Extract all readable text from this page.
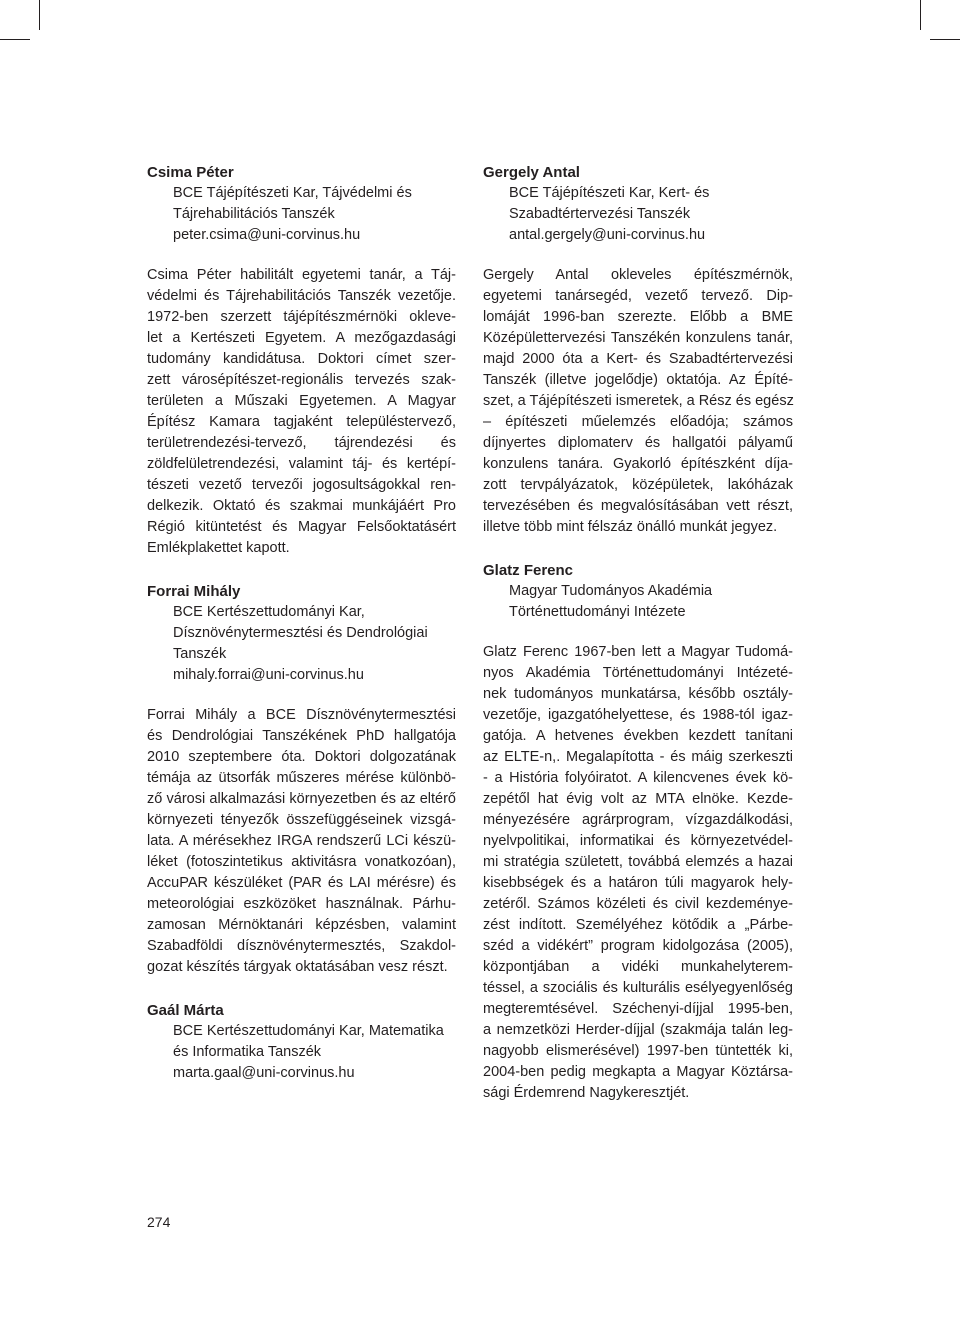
Csima Péter
BCE Tájépítészeti Kar, Tájvédelmi és
Tájrehabilitációs Tanszék
peter.csima@uni-corvinus.hu
Csima Péter habilitált egyetemi tanár, a Táj-
védelmi és Tájrehabilitációs Tanszék vezetője.
1972-ben szerzett tájépítészmérnöki okleve-
let a Kertészeti Egyetem. A mezőgazdasági
tudomány kandidátusa. Doktori címet szer-
zett városépítészet-regionális tervezés szak-
területen a Műszaki Egyetemen. A Magyar
Építész Kamara tagjaként településtervező,
területrendezési-tervező, tájrendezési és
zöldfelületrendezési, valamint táj- és kertépí-
tészeti vezető tervezői jogosultságokkal ren-
delkezik. Oktató és szakmai munkájáért Pro
Régió kitüntetést és Magyar Felsőoktatásért
Emlékplakettet kapott.
Forrai Mihály
BCE Kertészettudományi Kar,
Dísznövénytermesztési és Dendrológiai
Tanszék
mihaly.forrai@uni-corvinus.hu
Forrai Mihály a BCE Dísznövénytermesztési
és Dendrológiai Tanszékének PhD hallgatója
2010 szeptembere óta. Doktori dolgozatának
témája az ütsorfák műszeres mérése különbö-
ző városi alkalmazási környezetben és az eltérő
környezeti tényezők összefüggéseinek vizsgá-
lata. A mérésekhez IRGA rendszerű LCi készü-
léket (fotoszintetikus aktivitásra vonatkozóan),
AccuPAR készüléket (PAR és LAI mérésre) és
meteorológiai eszközöket használnak. Párhu-
zamosan Mérnöktanári képzésben, valamint
Szabadföldi dísznövénytermesztés, Szakdol-
gozat készítés tárgyak oktatásában vesz részt.
Gaál Márta
BCE Kertészettudományi Kar, Matematika
és Informatika Tanszék
marta.gaal@uni-corvinus.hu
Gergely Antal
BCE Tájépítészeti Kar, Kert- és
Szabadtértervezési Tanszék
antal.gergely@uni-corvinus.hu
Gergely Antal okleveles építészmérnök,
egyetemi tanársegéd, vezető tervező. Dip-
lomáját 1996-ban szerezte. Előbb a BME
Középülettervezési Tanszékén konzulens tanár,
majd 2000 óta a Kert- és Szabadtértervezési
Tanszék (illetve jogelődje) oktatója. Az Építé-
szet, a Tájépítészeti ismeretek, a Rész és egész
– építészeti műelemzés előadója; számos
díjnyertes diplomaterv és hallgatói pályamű
konzulens tanára. Gyakorló építészként díja-
zott tervpályázatok, középületek, lakóházak
tervezésében és megvalósításában vett részt,
illetve több mint félszáz önálló munkát jegyez.
Glatz Ferenc
Magyar Tudományos Akadémia
Történettudományi Intézete
Glatz Ferenc 1967-ben lett a Magyar Tudomá-
nyos Akadémia Történettudományi Intézeté-
nek tudományos munkatársa, később osztály-
vezetője, igazgatóhelyettese, és 1988-tól igaz-
gatója. A hetvenes években kezdett tanítani
az ELTE-n,. Megalapította - és máig szerkeszti
- a História folyóiratot. A kilencvenes évek kö-
zepétől hat évig volt az MTA elnöke. Kezde-
ményezésére agrárprogram, vízgazdálkodási,
nyelvpolitikai, informatikai és környezetvédel-
mi stratégia született, továbbá elemzés a hazai
kisebbségek és a határon túli magyarok hely-
zetéről. Számos közéleti és civil kezdeménye-
zést indított. Személyéhez kötődik a „Párbe-
széd a vidékért” program kidolgozása (2005),
központjában a vidéki munkahelyterem-
téssel, a szociális és kulturális esélyegyenlőség
megteremtésével. Széchenyi-díjjal 1995-ben,
a nemzetközi Herder-díjjal (szakmája talán leg-
nagyobb elismerésével) 1997-ben tüntették ki,
2004-ben pedig megkapta a Magyar Köztársa-
sági Érdemrend Nagykeresztjét.
274
